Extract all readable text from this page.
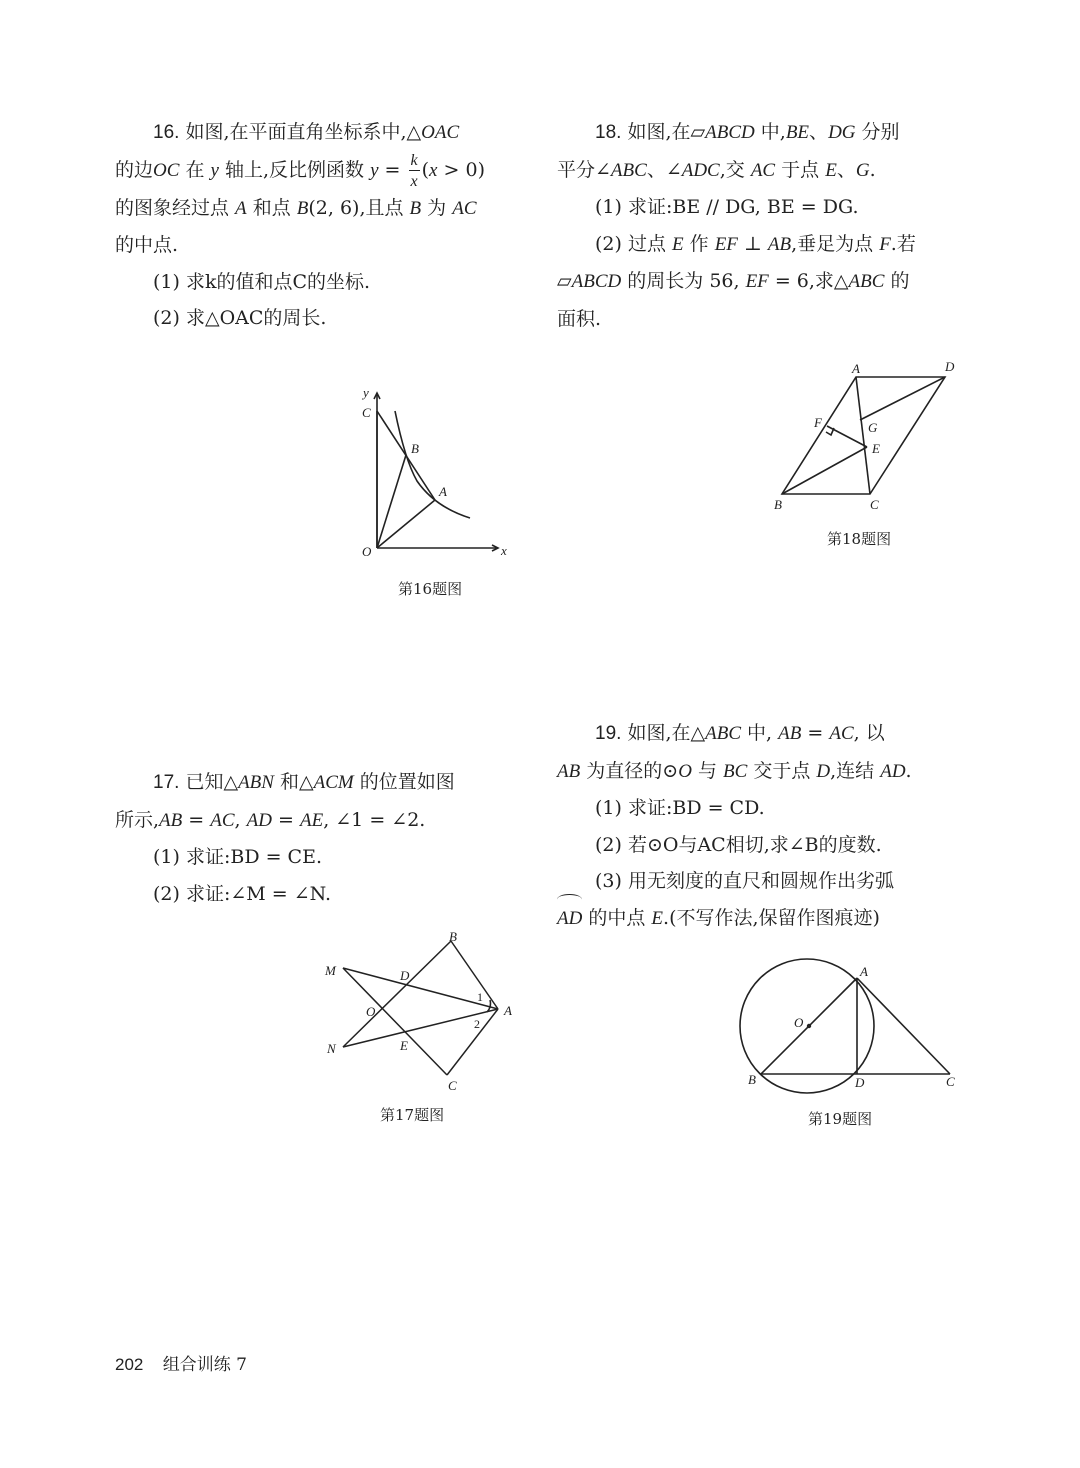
16. 如图,在平面直角坐标系中,△OAC

的边OC 在 y 轴上,反比例函数 $y = \frac{k}{x} (x > 0)$

的图象经过点 A 和点 B(2, 6),且点 B 为 AC

的中点.

(1) 求k的值和点C的坐标.

(2) 求△OAC的周长.

y
C
B
A
O	x
第16题图

17. 已知△ABN 和△ACM 的位置如图

所示,AB = AC, AD = AE, ∠1 = ∠2.

(1) 求证:BD = CE.

(2) 求证:∠M = ∠N.

B
M	D
O
1
2
A
N	E
C
第17题图

18. 如图,在▱ABCD 中,BE、DG 分别

平分∠ABC、∠ADC,交 AC 于点 E、G.

(1) 求证:BE // DG, BE = DG.

(2) 过点 E 作 EF ⊥ AB,垂足为点 F.若

▱ABCD 的周长为 56, EF = 6,求△ABC 的

面积.

A	D
F	G
E
B	C
第18题图

19. 如图,在△ABC 中, AB = AC, 以

AB 为直径的⊙O 与 BC 交于点 D,连结 AD.

(1) 求证:BD = CD.

(2) 若⊙O与AC相切,求∠B的度数.

(3) 用无刻度的直尺和圆规作出劣弧

AD 的中点 E.(不写作法,保留作图痕迹)

A
O
B	D	C
第19题图
202 组合训练 7
